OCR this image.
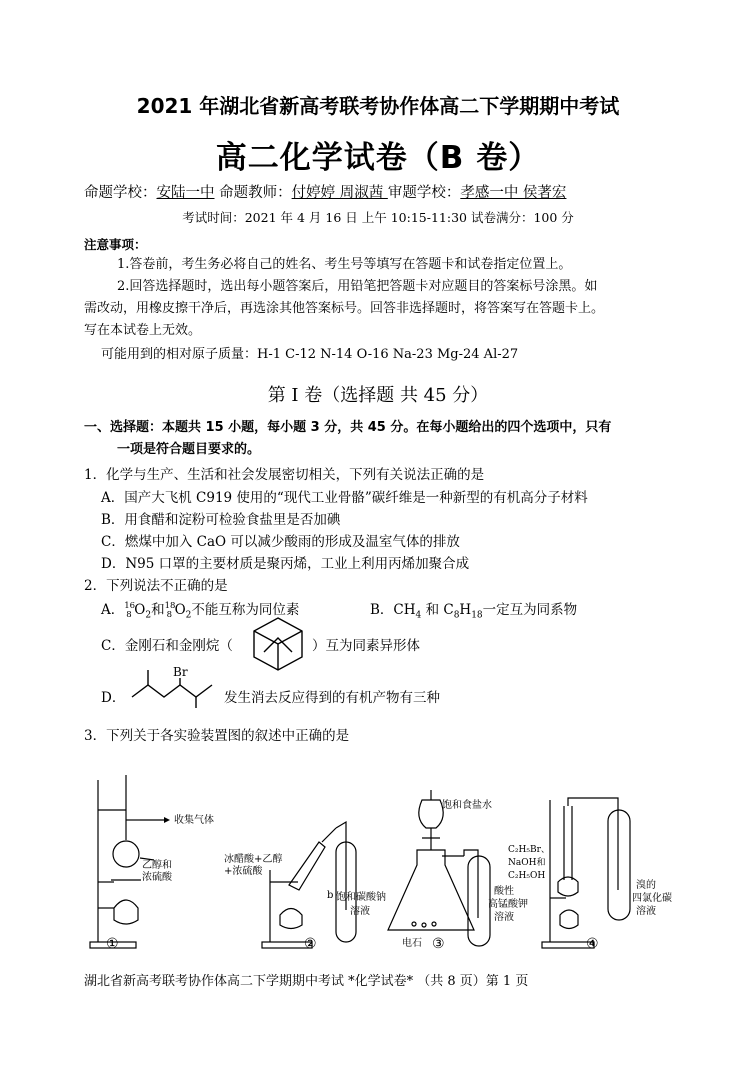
2021 年湖北省新高考联考协作体高二下学期期中考试
高二化学试卷（B 卷）
命题学校：安陆一中 命题教师：付婷婷 周淑茜 审题学校：孝感一中 侯著宏
考试时间：2021 年 4 月 16 日 上午 10:15-11:30 试卷满分：100 分
注意事项：
1.答卷前，考生务必将自己的姓名、考生号等填写在答题卡和试卷指定位置上。
2.回答选择题时，选出每小题答案后，用铅笔把答题卡对应题目的答案标号涂黑。如
需改动，用橡皮擦干净后，再选涂其他答案标号。回答非选择题时，将答案写在答题卡上。
写在本试卷上无效。
可能用到的相对原子质量：H-1 C-12 N-14 O-16 Na-23 Mg-24 Al-27
第 I 卷（选择题 共 45 分）
一、选择题：本题共 15 小题，每小题 3 分，共 45 分。在每小题给出的四个选项中，只有
一项是符合题目要求的。
1．化学与生产、生活和社会发展密切相关，下列有关说法正确的是
A．国产大飞机 C919 使用的“现代工业骨骼”碳纤维是一种新型的有机高分子材料
B．用食醋和淀粉可检验食盐里是否加碘
C．燃煤中加入 CaO 可以减少酸雨的形成及温室气体的排放
D．N95 口罩的主要材质是聚丙烯，工业上利用丙烯加聚合成
2．下列说法不正确的是
A． 16
8 $O_2$和 18
8 $O_2$不能互称为同位素	B．$CH_4$ 和 $C_8H_{18}$一定互为同系物
C．金刚石和金刚烷（	）互为同素异形体
D．
Br
发生消去反应得到的有机产物有三种
3．下列关于各实验装置图的叙述中正确的是
收集气体
乙醇和
浓硫酸
冰醋酸+乙醇
+浓硫酸
b 饱和碳酸钠
溶液
饱和食盐水
电石
酸性
高锰酸钾
溶液
C₂H₅Br、
NaOH和
C₂H₅OH
溴的
四氯化碳
溶液
①	②	③	④
湖北省新高考联考协作体高二下学期期中考试 *化学试卷* （共 8 页）第 1 页
